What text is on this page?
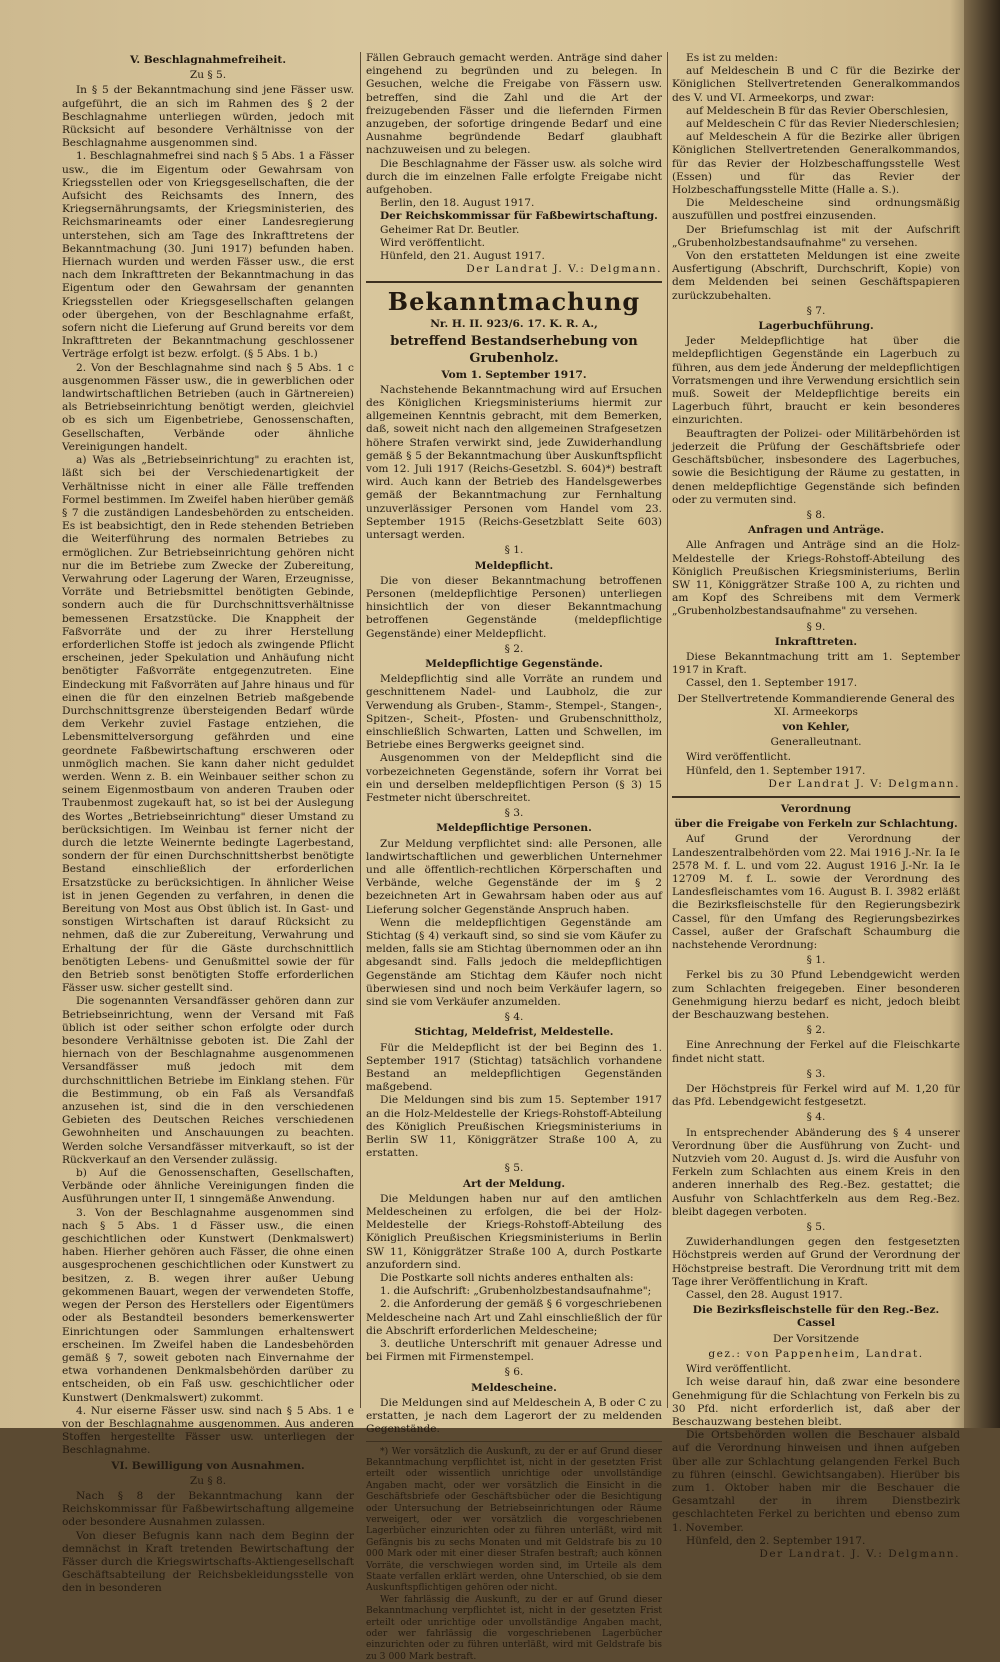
V. Beschlagnahmefreiheit.

Zu § 5.

In § 5 der Bekanntmachung sind jene Fässer usw. aufgeführt, die an sich im Rahmen des § 2 der Beschlagnahme unterliegen würden, jedoch mit Rücksicht auf besondere Verhältnisse von der Beschlagnahme ausgenommen sind.

1. Beschlagnahmefrei sind nach § 5 Abs. 1 a Fässer usw., die im Eigentum oder Gewahrsam von Kriegsstellen oder von Kriegsgesellschaften, die der Aufsicht des Reichsamts des Innern, des Kriegsernährungsamts, der Kriegsministerien, des Reichsmarineamts oder einer Landesregierung unterstehen, sich am Tage des Inkrafttretens der Bekanntmachung (30. Juni 1917) befunden haben. Hiernach wurden und werden Fässer usw., die erst nach dem Inkrafttreten der Bekanntmachung in das Eigentum oder den Gewahrsam der genannten Kriegsstellen oder Kriegsgesellschaften gelangen oder übergehen, von der Beschlagnahme erfaßt, sofern nicht die Lieferung auf Grund bereits vor dem Inkrafttreten der Bekanntmachung geschlossener Verträge erfolgt ist bezw. erfolgt. (§ 5 Abs. 1 b.)

2. Von der Beschlagnahme sind nach § 5 Abs. 1 c ausgenommen Fässer usw., die in gewerblichen oder landwirtschaftlichen Betrieben (auch in Gärtnereien) als Betriebseinrichtung benötigt werden, gleichviel ob es sich um Eigenbetriebe, Genossenschaften, Gesellschaften, Verbände oder ähnliche Vereinigungen handelt.

a) Was als „Betriebseinrichtung" zu erachten ist, läßt sich bei der Verschiedenartigkeit der Verhältnisse nicht in einer alle Fälle treffenden Formel bestimmen. Im Zweifel haben hierüber gemäß § 7 die zuständigen Landesbehörden zu entscheiden. Es ist beabsichtigt, den in Rede stehenden Betrieben die Weiterführung des normalen Betriebes zu ermöglichen. Zur Betriebseinrichtung gehören nicht nur die im Betriebe zum Zwecke der Zubereitung, Verwahrung oder Lagerung der Waren, Erzeugnisse, Vorräte und Betriebsmittel benötigten Gebinde, sondern auch die für Durchschnittsverhältnisse bemessenen Ersatzstücke. Die Knappheit der Faßvorräte und der zu ihrer Herstellung erforderlichen Stoffe ist jedoch als zwingende Pflicht erscheinen, jeder Spekulation und Anhäufung nicht benötigter Faßvorräte entgegenzutreten. Eine Eindeckung mit Faßvorräten auf Jahre hinaus und für einen die für den einzelnen Betrieb maßgebende Durchschnittsgrenze übersteigenden Bedarf würde dem Verkehr zuviel Fastage entziehen, die Lebensmittelversorgung gefährden und eine geordnete Faßbewirtschaftung erschweren oder unmöglich machen. Sie kann daher nicht geduldet werden. Wenn z. B. ein Weinbauer seither schon zu seinem Eigenmostbaum von anderen Trauben oder Traubenmost zugekauft hat, so ist bei der Auslegung des Wortes „Betriebseinrichtung" dieser Umstand zu berücksichtigen. Im Weinbau ist ferner nicht der durch die letzte Weinernte bedingte Lagerbestand, sondern der für einen Durchschnittsherbst benötigte Bestand einschließlich der erforderlichen Ersatzstücke zu berücksichtigen. In ähnlicher Weise ist in jenen Gegenden zu verfahren, in denen die Bereitung von Most aus Obst üblich ist. In Gast- und sonstigen Wirtschaften ist darauf Rücksicht zu nehmen, daß die zur Zubereitung, Verwahrung und Erhaltung der für die Gäste durchschnittlich benötigten Lebens- und Genußmittel sowie der für den Betrieb sonst benötigten Stoffe erforderlichen Fässer usw. sicher gestellt sind.

Die sogenannten Versandfässer gehören dann zur Betriebseinrichtung, wenn der Versand mit Faß üblich ist oder seither schon erfolgte oder durch besondere Verhältnisse geboten ist. Die Zahl der hiernach von der Beschlagnahme ausgenommenen Versandfässer muß jedoch mit dem durchschnittlichen Betriebe im Einklang stehen. Für die Bestimmung, ob ein Faß als Versandfaß anzusehen ist, sind die in den verschiedenen Gebieten des Deutschen Reiches verschiedenen Gewohnheiten und Anschauungen zu beachten. Werden solche Versandfässer mitverkauft, so ist der Rückverkauf an den Versender zulässig.

b) Auf die Genossenschaften, Gesellschaften, Verbände oder ähnliche Vereinigungen finden die Ausführungen unter II, 1 sinngemäße Anwendung.

3. Von der Beschlagnahme ausgenommen sind nach § 5 Abs. 1 d Fässer usw., die einen geschichtlichen oder Kunstwert (Denkmalswert) haben. Hierher gehören auch Fässer, die ohne einen ausgesprochenen geschichtlichen oder Kunstwert zu besitzen, z. B. wegen ihrer außer Uebung gekommenen Bauart, wegen der verwendeten Stoffe, wegen der Person des Herstellers oder Eigentümers oder als Bestandteil besonders bemerkenswerter Einrichtungen oder Sammlungen erhaltenswert erscheinen. Im Zweifel haben die Landesbehörden gemäß § 7, soweit geboten nach Einvernahme der etwa vorhandenen Denkmalsbehörden darüber zu entscheiden, ob ein Faß usw. geschichtlicher oder Kunstwert (Denkmalswert) zukommt.

4. Nur eiserne Fässer usw. sind nach § 5 Abs. 1 e von der Beschlagnahme ausgenommen. Aus anderen Stoffen hergestellte Fässer usw. unterliegen der Beschlagnahme.

VI. Bewilligung von Ausnahmen.

Zu § 8.

Nach § 8 der Bekanntmachung kann der Reichskommissar für Faßbewirtschaftung allgemeine oder besondere Ausnahmen zulassen.

Von dieser Befugnis kann nach dem Beginn der demnächst in Kraft tretenden Bewirtschaftung der Fässer durch die Kriegswirtschafts-Aktiengesellschaft Geschäftsabteilung der Reichsbekleidungsstelle von den in besonderen

Fällen Gebrauch gemacht werden. Anträge sind daher eingehend zu begründen und zu belegen. In Gesuchen, welche die Freigabe von Fässern usw. betreffen, sind die Zahl und die Art der freizugebenden Fässer und die liefernden Firmen anzugeben, der sofortige dringende Bedarf und eine Ausnahme begründende Bedarf glaubhaft nachzuweisen und zu belegen.

Die Beschlagnahme der Fässer usw. als solche wird durch die im einzelnen Falle erfolgte Freigabe nicht aufgehoben.

Berlin, den 18. August 1917.

Der Reichskommissar für Faßbewirtschaftung.

Geheimer Rat Dr. Beutler.

Wird veröffentlicht.

Hünfeld, den 21. August 1917.

Der Landrat J. V.: Delgmann.

Bekanntmachung

Nr. H. II. 923/6. 17. K. R. A.,

betreffend Bestandserhebung von

Grubenholz.

Vom 1. September 1917.

Nachstehende Bekanntmachung wird auf Ersuchen des Königlichen Kriegsministeriums hiermit zur allgemeinen Kenntnis gebracht, mit dem Bemerken, daß, soweit nicht nach den allgemeinen Strafgesetzen höhere Strafen verwirkt sind, jede Zuwiderhandlung gemäß § 5 der Bekanntmachung über Auskunftspflicht vom 12. Juli 1917 (Reichs-Gesetzbl. S. 604)*) bestraft wird. Auch kann der Betrieb des Handelsgewerbes gemäß der Bekanntmachung zur Fernhaltung unzuverlässiger Personen vom Handel vom 23. September 1915 (Reichs-Gesetzblatt Seite 603) untersagt werden.

§ 1.

Meldepflicht.

Die von dieser Bekanntmachung betroffenen Personen (meldepflichtige Personen) unterliegen hinsichtlich der von dieser Bekanntmachung betroffenen Gegenstände (meldepflichtige Gegenstände) einer Meldepflicht.

§ 2.

Meldepflichtige Gegenstände.

Meldepflichtig sind alle Vorräte an rundem und geschnittenem Nadel- und Laubholz, die zur Verwendung als Gruben-, Stamm-, Stempel-, Stangen-, Spitzen-, Scheit-, Pfosten- und Grubenschnittholz, einschließlich Schwarten, Latten und Schwellen, im Betriebe eines Bergwerks geeignet sind.

Ausgenommen von der Meldepflicht sind die vorbezeichneten Gegenstände, sofern ihr Vorrat bei ein und derselben meldepflichtigen Person (§ 3) 15 Festmeter nicht überschreitet.

§ 3.

Meldepflichtige Personen.

Zur Meldung verpflichtet sind: alle Personen, alle landwirtschaftlichen und gewerblichen Unternehmer und alle öffentlich-rechtlichen Körperschaften und Verbände, welche Gegenstände der im § 2 bezeichneten Art in Gewahrsam haben oder aus auf Lieferung solcher Gegenstände Anspruch haben.

Wenn die meldepflichtigen Gegenstände am Stichtag (§ 4) verkauft sind, so sind sie vom Käufer zu melden, falls sie am Stichtag übernommen oder an ihn abgesandt sind. Falls jedoch die meldepflichtigen Gegenstände am Stichtag dem Käufer noch nicht überwiesen sind und noch beim Verkäufer lagern, so sind sie vom Verkäufer anzumelden.

§ 4.

Stichtag, Meldefrist, Meldestelle.

Für die Meldepflicht ist der bei Beginn des 1. September 1917 (Stichtag) tatsächlich vorhandene Bestand an meldepflichtigen Gegenständen maßgebend.

Die Meldungen sind bis zum 15. September 1917 an die Holz-Meldestelle der Kriegs-Rohstoff-Abteilung des Königlich Preußischen Kriegsministeriums in Berlin SW 11, Königgrätzer Straße 100 A, zu erstatten.

§ 5.

Art der Meldung.

Die Meldungen haben nur auf den amtlichen Meldescheinen zu erfolgen, die bei der Holz-Meldestelle der Kriegs-Rohstoff-Abteilung des Königlich Preußischen Kriegsministeriums in Berlin SW 11, Königgrätzer Straße 100 A, durch Postkarte anzufordern sind.

Die Postkarte soll nichts anderes enthalten als:

1. die Aufschrift: „Grubenholzbestandsaufnahme";

2. die Anforderung der gemäß § 6 vorgeschriebenen Meldescheine nach Art und Zahl einschließlich der für die Abschrift erforderlichen Meldescheine;

3. deutliche Unterschrift mit genauer Adresse und bei Firmen mit Firmenstempel.

§ 6.

Meldescheine.

Die Meldungen sind auf Meldeschein A, B oder C zu erstatten, je nach dem Lagerort der zu meldenden Gegenstände.

*) Wer vorsätzlich die Auskunft, zu der er auf Grund dieser Bekanntmachung verpflichtet ist, nicht in der gesetzten Frist erteilt oder wissentlich unrichtige oder unvollständige Angaben macht, oder wer vorsätzlich die Einsicht in die Geschäftsbriefe oder Geschäftsbücher oder die Besichtigung oder Untersuchung der Betriebseinrichtungen oder Räume verweigert, oder wer vorsätzlich die vorgeschriebenen Lagerbücher einzurichten oder zu führen unterläßt, wird mit Gefängnis bis zu sechs Monaten und mit Geldstrafe bis zu 10 000 Mark oder mit einer dieser Strafen bestraft; auch können Vorräte, die verschwiegen worden sind, im Urteile als dem Staate verfallen erklärt werden, ohne Unterschied, ob sie dem Auskunftspflichtigen gehören oder nicht.

Wer fahrlässig die Auskunft, zu der er auf Grund dieser Bekanntmachung verpflichtet ist, nicht in der gesetzten Frist erteilt oder unrichtige oder unvollständige Angaben macht, oder wer fahrlässig die vorgeschriebenen Lagerbücher einzurichten oder zu führen unterläßt, wird mit Geldstrafe bis zu 3 000 Mark bestraft.

Es ist zu melden:

auf Meldeschein B und C für die Bezirke der Königlichen Stellvertretenden Generalkommandos des V. und VI. Armeekorps, und zwar:

auf Meldeschein B für das Revier Oberschlesien,

auf Meldeschein C für das Revier Niederschlesien;

auf Meldeschein A für die Bezirke aller übrigen Königlichen Stellvertretenden Generalkommandos, für das Revier der Holzbeschaffungsstelle West (Essen) und für das Revier der Holzbeschaffungsstelle Mitte (Halle a. S.).

Die Meldescheine sind ordnungsmäßig auszufüllen und postfrei einzusenden.

Der Briefumschlag ist mit der Aufschrift „Grubenholzbestandsaufnahme" zu versehen.

Von den erstatteten Meldungen ist eine zweite Ausfertigung (Abschrift, Durchschrift, Kopie) von dem Meldenden bei seinen Geschäftspapieren zurückzubehalten.

§ 7.

Lagerbuchführung.

Jeder Meldepflichtige hat über die meldepflichtigen Gegenstände ein Lagerbuch zu führen, aus dem jede Änderung der meldepflichtigen Vorratsmengen und ihre Verwendung ersichtlich sein muß. Soweit der Meldepflichtige bereits ein Lagerbuch führt, braucht er kein besonderes einzurichten.

Beauftragten der Polizei- oder Militärbehörden ist jederzeit die Prüfung der Geschäftsbriefe oder Geschäftsbücher, insbesondere des Lagerbuches, sowie die Besichtigung der Räume zu gestatten, in denen meldepflichtige Gegenstände sich befinden oder zu vermuten sind.

§ 8.

Anfragen und Anträge.

Alle Anfragen und Anträge sind an die Holz-Meldestelle der Kriegs-Rohstoff-Abteilung des Königlich Preußischen Kriegsministeriums, Berlin SW 11, Königgrätzer Straße 100 A, zu richten und am Kopf des Schreibens mit dem Vermerk „Grubenholzbestandsaufnahme" zu versehen.

§ 9.

Inkrafttreten.

Diese Bekanntmachung tritt am 1. September 1917 in Kraft.

Cassel, den 1. September 1917.

Der Stellvertretende Kommandierende General des XI. Armeekorps

von Kehler,

Generalleutnant.

Wird veröffentlicht.

Hünfeld, den 1. September 1917.

Der Landrat J. V: Delgmann.

Verordnung

über die Freigabe von Ferkeln zur Schlachtung.

Auf Grund der Verordnung der Landeszentralbehörden vom 22. Mai 1916 J.-Nr. Ia Ie 2578 M. f. L. und vom 22. August 1916 J.-Nr. Ia Ie 12709 M. f. L. sowie der Verordnung des Landesfleischamtes vom 16. August B. I. 3982 erläßt die Bezirksfleischstelle für den Regierungsbezirk Cassel, für den Umfang des Regierungsbezirkes Cassel, außer der Grafschaft Schaumburg die nachstehende Verordnung:

§ 1.

Ferkel bis zu 30 Pfund Lebendgewicht werden zum Schlachten freigegeben. Einer besonderen Genehmigung hierzu bedarf es nicht, jedoch bleibt der Beschauzwang bestehen.

§ 2.

Eine Anrechnung der Ferkel auf die Fleischkarte findet nicht statt.

§ 3.

Der Höchstpreis für Ferkel wird auf M. 1,20 für das Pfd. Lebendgewicht festgesetzt.

§ 4.

In entsprechender Abänderung des § 4 unserer Verordnung über die Ausführung von Zucht- und Nutzvieh vom 20. August d. Js. wird die Ausfuhr von Ferkeln zum Schlachten aus einem Kreis in den anderen innerhalb des Reg.-Bez. gestattet; die Ausfuhr von Schlachtferkeln aus dem Reg.-Bez. bleibt dagegen verboten.

§ 5.

Zuwiderhandlungen gegen den festgesetzten Höchstpreis werden auf Grund der Verordnung der Höchstpreise bestraft. Die Verordnung tritt mit dem Tage ihrer Veröffentlichung in Kraft.

Cassel, den 28. August 1917.

Die Bezirksfleischstelle für den Reg.-Bez. Cassel

Der Vorsitzende

gez.: von Pappenheim, Landrat.

Wird veröffentlicht.

Ich weise darauf hin, daß zwar eine besondere Genehmigung für die Schlachtung von Ferkeln bis zu 30 Pfd. nicht erforderlich ist, daß aber der Beschauzwang bestehen bleibt.

Die Ortsbehörden wollen die Beschauer alsbald auf die Verordnung hinweisen und ihnen aufgeben über alle zur Schlachtung gelangenden Ferkel Buch zu führen (einschl. Gewichtsangaben). Hierüber bis zum 1. Oktober haben mir die Beschauer die Gesamtzahl der in ihrem Dienstbezirk geschlachteten Ferkel zu berichten und ebenso zum 1. November.

Hünfeld, den 2. September 1917.

Der Landrat. J. V.: Delgmann.
